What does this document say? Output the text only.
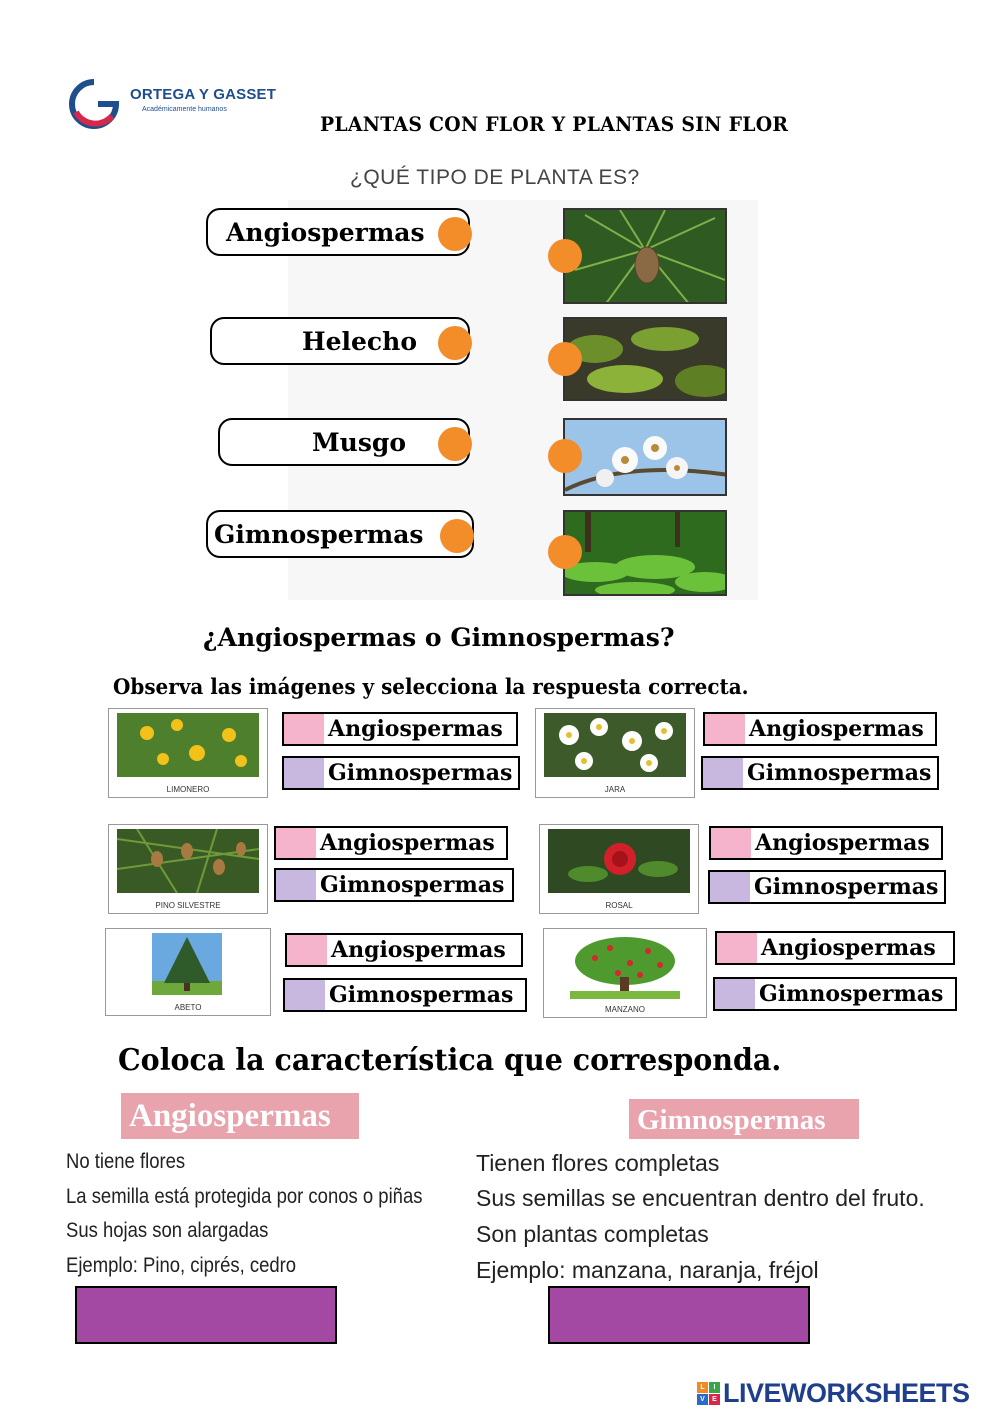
ORTEGA Y GASSET
Académicamente humanos
PLANTAS CON FLOR Y PLANTAS SIN FLOR
¿QUÉ TIPO DE PLANTA ES?
Angiospermas
Helecho
Musgo
Gimnospermas
¿Angiospermas o Gimnospermas?
Observa las imágenes y selecciona la respuesta correcta.
LIMONERO
Angiospermas
Gimnospermas
JARA
Angiospermas
Gimnospermas
PINO SILVESTRE
Angiospermas
Gimnospermas
ROSAL
Angiospermas
Gimnospermas
ABETO
Angiospermas
Gimnospermas
MANZANO
Angiospermas
Gimnospermas
Coloca la característica que corresponda.
Angiospermas	Gimnospermas
No tiene flores
La semilla está protegida por conos o piñas
Sus hojas son alargadas
Ejemplo: Pino, ciprés, cedro
Tienen flores completas
Sus semillas se encuentran dentro del fruto.
Son plantas completas
Ejemplo: manzana, naranja, fréjol
L	I
V	E LIVEWORKSHEETS
